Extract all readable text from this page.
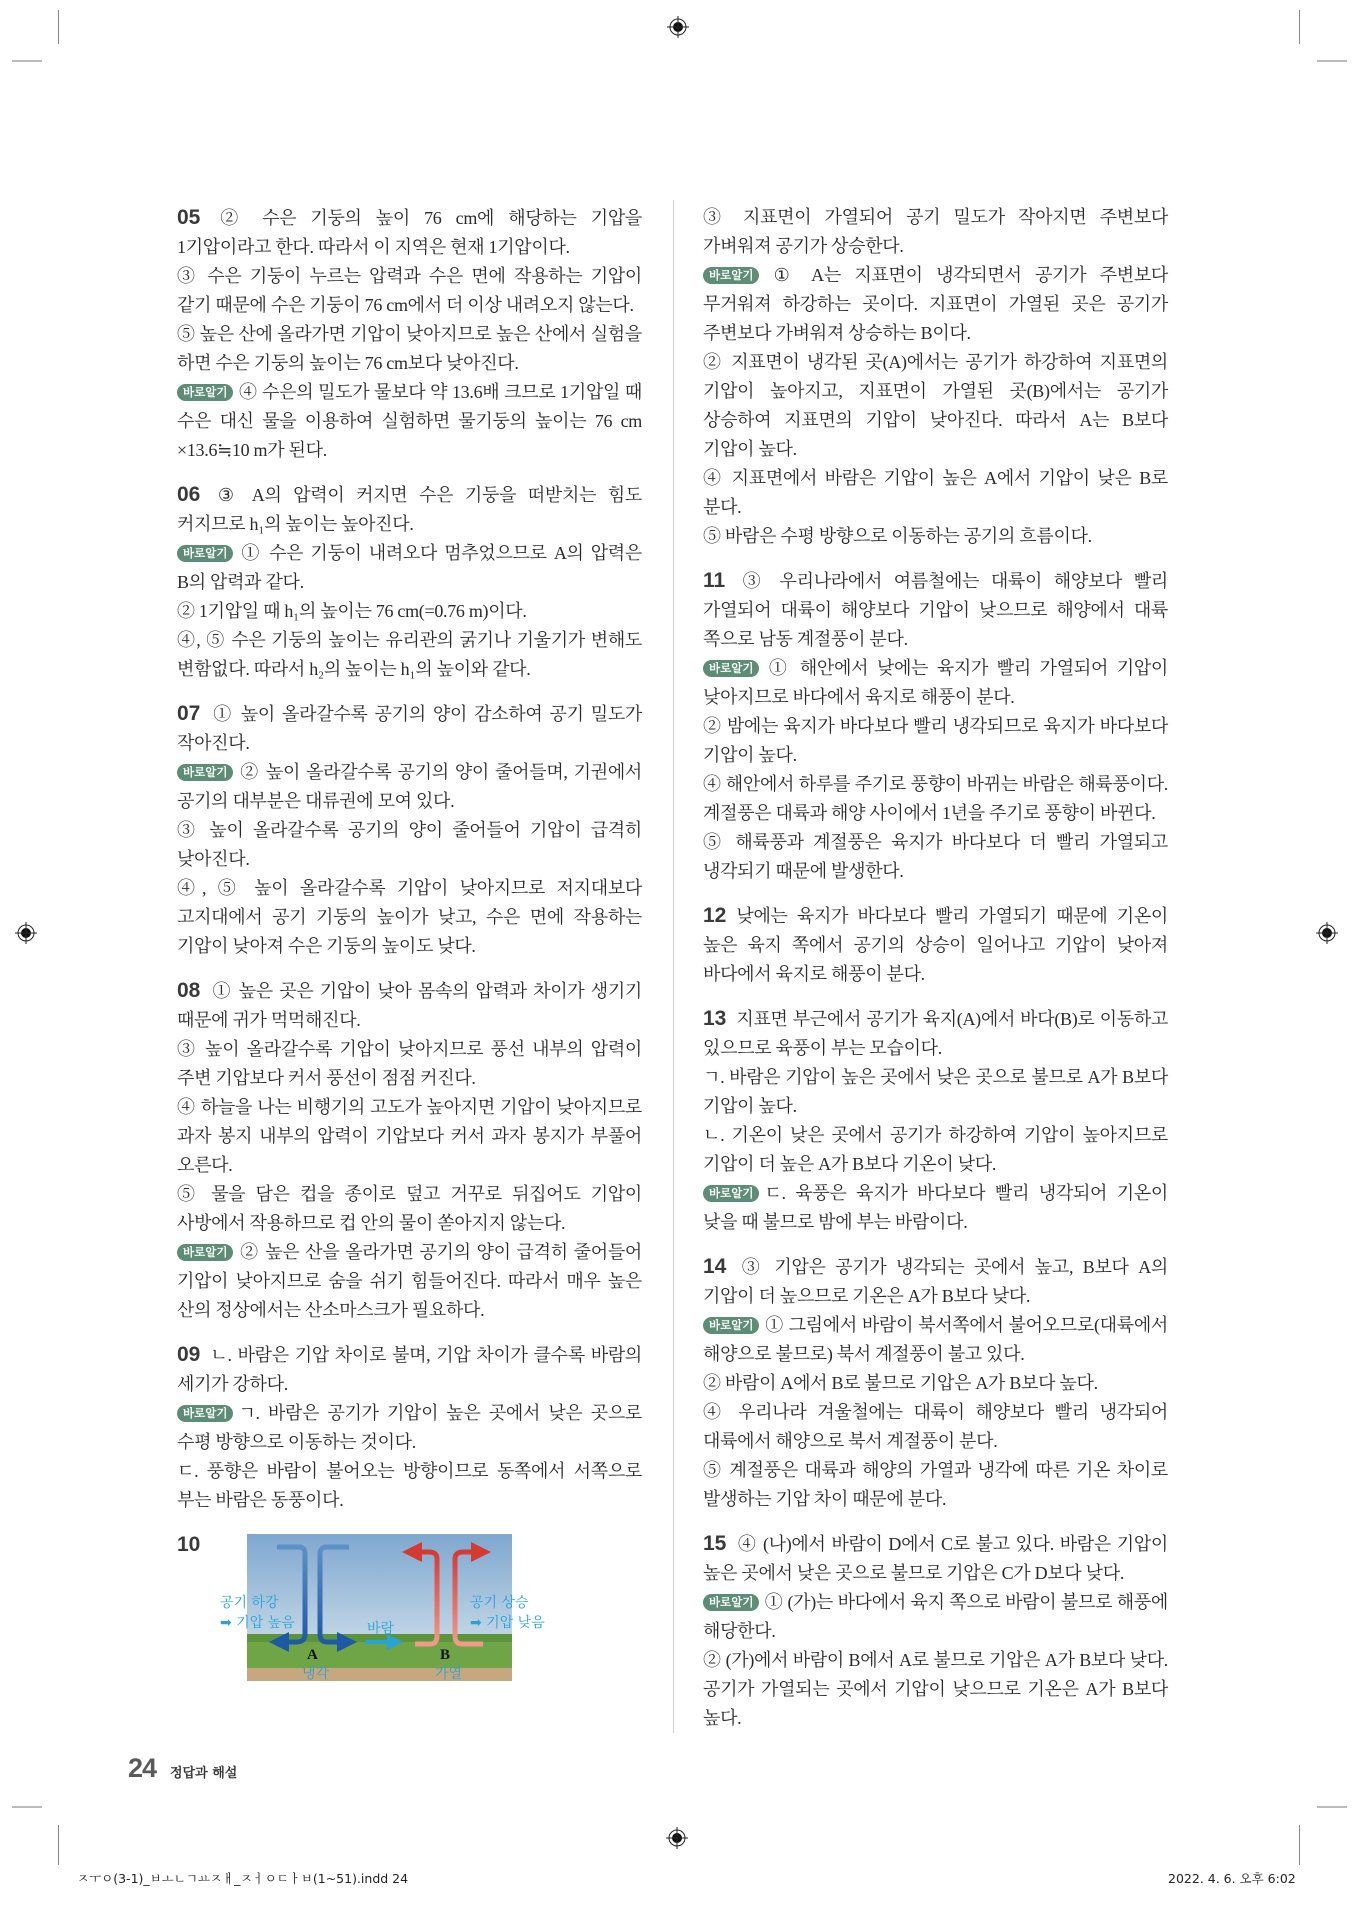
05 ② 수은 기둥의 높이 76 cm에 해당하는 기압을 1기압이라고 한다. 따라서 이 지역은 현재 1기압이다.

③ 수은 기둥이 누르는 압력과 수은 면에 작용하는 기압이 같기 때문에 수은 기둥이 76 cm에서 더 이상 내려오지 않는다.

⑤ 높은 산에 올라가면 기압이 낮아지므로 높은 산에서 실험을 하면 수은 기둥의 높이는 76 cm보다 낮아진다.

바로알기 ④ 수은의 밀도가 물보다 약 13.6배 크므로 1기압일 때 수은 대신 물을 이용하여 실험하면 물기둥의 높이는 76 cm ×13.6≒10 m가 된다.

06 ③ A의 압력이 커지면 수은 기둥을 떠받치는 힘도 커지므로 h₁의 높이는 높아진다.

바로알기 ① 수은 기둥이 내려오다 멈추었으므로 A의 압력은 B의 압력과 같다.

② 1기압일 때 h₁의 높이는 76 cm(=0.76 m)이다.

④, ⑤ 수은 기둥의 높이는 유리관의 굵기나 기울기가 변해도 변함없다. 따라서 h₂의 높이는 h₁의 높이와 같다.

07 ① 높이 올라갈수록 공기의 양이 감소하여 공기 밀도가 작아진다.

바로알기 ② 높이 올라갈수록 공기의 양이 줄어들며, 기권에서 공기의 대부분은 대류권에 모여 있다.

③ 높이 올라갈수록 공기의 양이 줄어들어 기압이 급격히 낮아진다.

④, ⑤ 높이 올라갈수록 기압이 낮아지므로 저지대보다 고지대에서 공기 기둥의 높이가 낮고, 수은 면에 작용하는 기압이 낮아져 수은 기둥의 높이도 낮다.

08 ① 높은 곳은 기압이 낮아 몸속의 압력과 차이가 생기기 때문에 귀가 먹먹해진다.

③ 높이 올라갈수록 기압이 낮아지므로 풍선 내부의 압력이 주변 기압보다 커서 풍선이 점점 커진다.

④ 하늘을 나는 비행기의 고도가 높아지면 기압이 낮아지므로 과자 봉지 내부의 압력이 기압보다 커서 과자 봉지가 부풀어 오른다.

⑤ 물을 담은 컵을 종이로 덮고 거꾸로 뒤집어도 기압이 사방에서 작용하므로 컵 안의 물이 쏟아지지 않는다.

바로알기 ② 높은 산을 올라가면 공기의 양이 급격히 줄어들어 기압이 낮아지므로 숨을 쉬기 힘들어진다. 따라서 매우 높은 산의 정상에서는 산소마스크가 필요하다.

09 ㄴ. 바람은 기압 차이로 불며, 기압 차이가 클수록 바람의 세기가 강하다.

바로알기 ㄱ. 바람은 공기가 기압이 높은 곳에서 낮은 곳으로 수평 방향으로 이동하는 것이다.

ㄷ. 풍향은 바람이 불어오는 방향이므로 동쪽에서 서쪽으로 부는 바람은 동풍이다.

10

공기 하강
➡ 기압 높음
공기 상승
➡ 기압 낮음
바람
A
냉각
B
가열

③ 지표면이 가열되어 공기 밀도가 작아지면 주변보다 가벼워져 공기가 상승한다.

바로알기 ① A는 지표면이 냉각되면서 공기가 주변보다 무거워져 하강하는 곳이다. 지표면이 가열된 곳은 공기가 주변보다 가벼워져 상승하는 B이다.

② 지표면이 냉각된 곳(A)에서는 공기가 하강하여 지표면의 기압이 높아지고, 지표면이 가열된 곳(B)에서는 공기가 상승하여 지표면의 기압이 낮아진다. 따라서 A는 B보다 기압이 높다.

④ 지표면에서 바람은 기압이 높은 A에서 기압이 낮은 B로 분다.

⑤ 바람은 수평 방향으로 이동하는 공기의 흐름이다.

11 ③ 우리나라에서 여름철에는 대륙이 해양보다 빨리 가열되어 대륙이 해양보다 기압이 낮으므로 해양에서 대륙 쪽으로 남동 계절풍이 분다.

바로알기 ① 해안에서 낮에는 육지가 빨리 가열되어 기압이 낮아지므로 바다에서 육지로 해풍이 분다.

② 밤에는 육지가 바다보다 빨리 냉각되므로 육지가 바다보다 기압이 높다.

④ 해안에서 하루를 주기로 풍향이 바뀌는 바람은 해륙풍이다. 계절풍은 대륙과 해양 사이에서 1년을 주기로 풍향이 바뀐다.

⑤ 해륙풍과 계절풍은 육지가 바다보다 더 빨리 가열되고 냉각되기 때문에 발생한다.

12 낮에는 육지가 바다보다 빨리 가열되기 때문에 기온이 높은 육지 쪽에서 공기의 상승이 일어나고 기압이 낮아져 바다에서 육지로 해풍이 분다.

13 지표면 부근에서 공기가 육지(A)에서 바다(B)로 이동하고 있으므로 육풍이 부는 모습이다.

ㄱ. 바람은 기압이 높은 곳에서 낮은 곳으로 불므로 A가 B보다 기압이 높다.

ㄴ. 기온이 낮은 곳에서 공기가 하강하여 기압이 높아지므로 기압이 더 높은 A가 B보다 기온이 낮다.

바로알기 ㄷ. 육풍은 육지가 바다보다 빨리 냉각되어 기온이 낮을 때 불므로 밤에 부는 바람이다.

14 ③ 기압은 공기가 냉각되는 곳에서 높고, B보다 A의 기압이 더 높으므로 기온은 A가 B보다 낮다.

바로알기 ① 그림에서 바람이 북서쪽에서 불어오므로(대륙에서 해양으로 불므로) 북서 계절풍이 불고 있다.

② 바람이 A에서 B로 불므로 기압은 A가 B보다 높다.

④ 우리나라 겨울철에는 대륙이 해양보다 빨리 냉각되어 대륙에서 해양으로 북서 계절풍이 분다.

⑤ 계절풍은 대륙과 해양의 가열과 냉각에 따른 기온 차이로 발생하는 기압 차이 때문에 분다.

15 ④ (나)에서 바람이 D에서 C로 불고 있다. 바람은 기압이 높은 곳에서 낮은 곳으로 불므로 기압은 C가 D보다 낮다.

바로알기 ① (가)는 바다에서 육지 쪽으로 바람이 불므로 해풍에 해당한다.

② (가)에서 바람이 B에서 A로 불므로 기압은 A가 B보다 낮다. 공기가 가열되는 곳에서 기압이 낮으므로 기온은 A가 B보다 높다.

24 정답과 해설
ㅈㅜㅇ(3-1)_ㅂㅗㄴㄱㅛㅈㅐ_ㅈㅓㅇㄷㅏㅂ(1~51).indd 24	2022. 4. 6. 오후 6:02
